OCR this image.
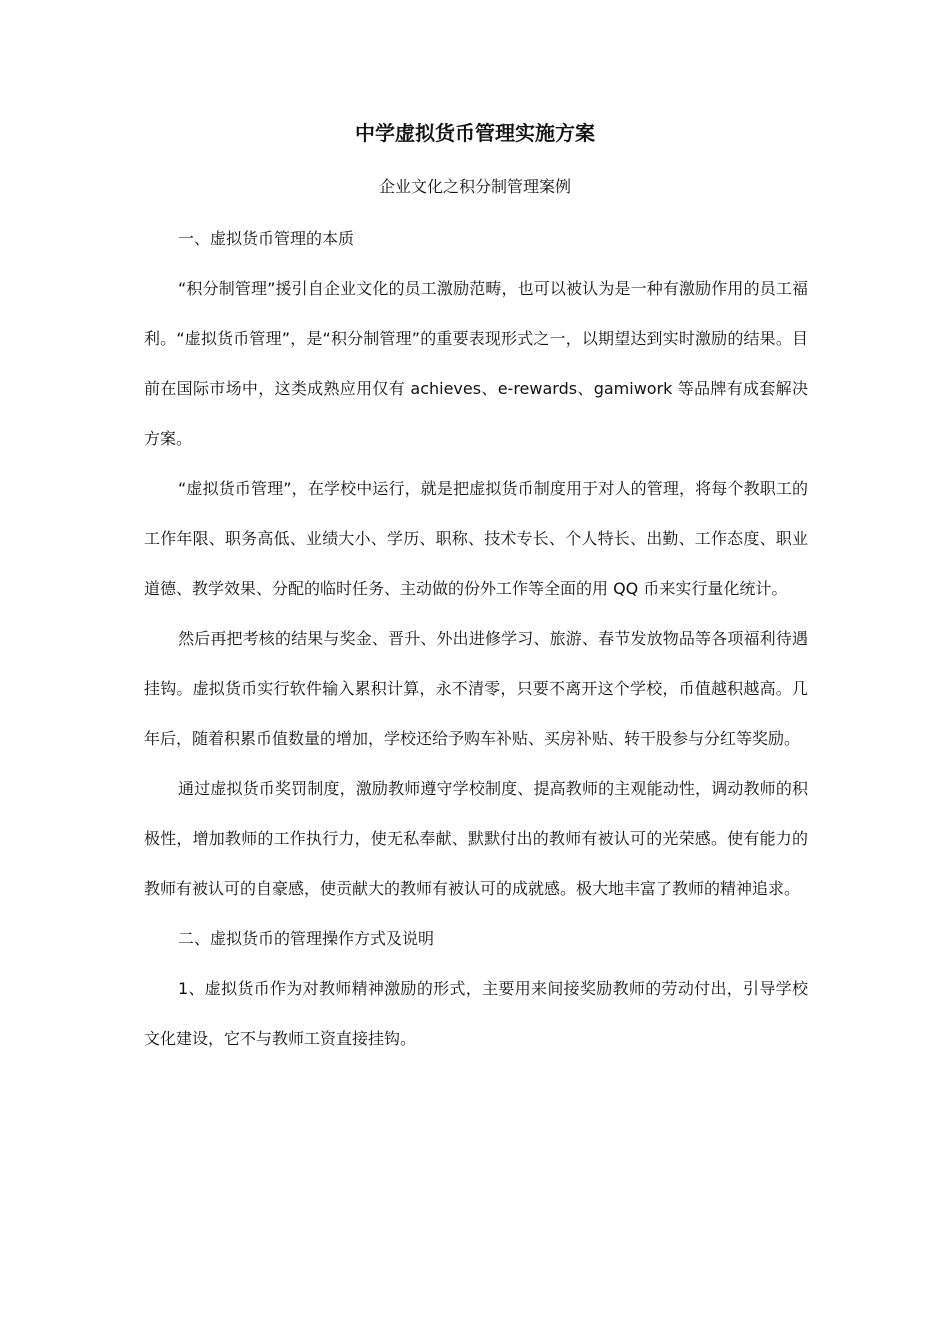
中学虚拟货币管理实施方案
企业文化之积分制管理案例

一、虚拟货币管理的本质

“积分制管理”援引自企业文化的员工激励范畴，也可以被认为是一种有激励作用的员工福利。“虚拟货币管理”，是“积分制管理”的重要表现形式之一，以期望达到实时激励的结果。目前在国际市场中，这类成熟应用仅有 achieves、e-rewards、gamiwork 等品牌有成套解决方案。

“虚拟货币管理”，在学校中运行，就是把虚拟货币制度用于对人的管理，将每个教职工的工作年限、职务高低、业绩大小、学历、职称、技术专长、个人特长、出勤、工作态度、职业道德、教学效果、分配的临时任务、主动做的份外工作等全面的用 QQ 币来实行量化统计。

然后再把考核的结果与奖金、晋升、外出进修学习、旅游、春节发放物品等各项福利待遇挂钩。虚拟货币实行软件输入累积计算，永不清零，只要不离开这个学校，币值越积越高。几年后，随着积累币值数量的增加，学校还给予购车补贴、买房补贴、转干股参与分红等奖励。

通过虚拟货币奖罚制度，激励教师遵守学校制度、提高教师的主观能动性，调动教师的积极性，增加教师的工作执行力，使无私奉献、默默付出的教师有被认可的光荣感。使有能力的教师有被认可的自豪感，使贡献大的教师有被认可的成就感。极大地丰富了教师的精神追求。

二、虚拟货币的管理操作方式及说明

1、虚拟货币作为对教师精神激励的形式，主要用来间接奖励教师的劳动付出，引导学校文化建设，它不与教师工资直接挂钩。
